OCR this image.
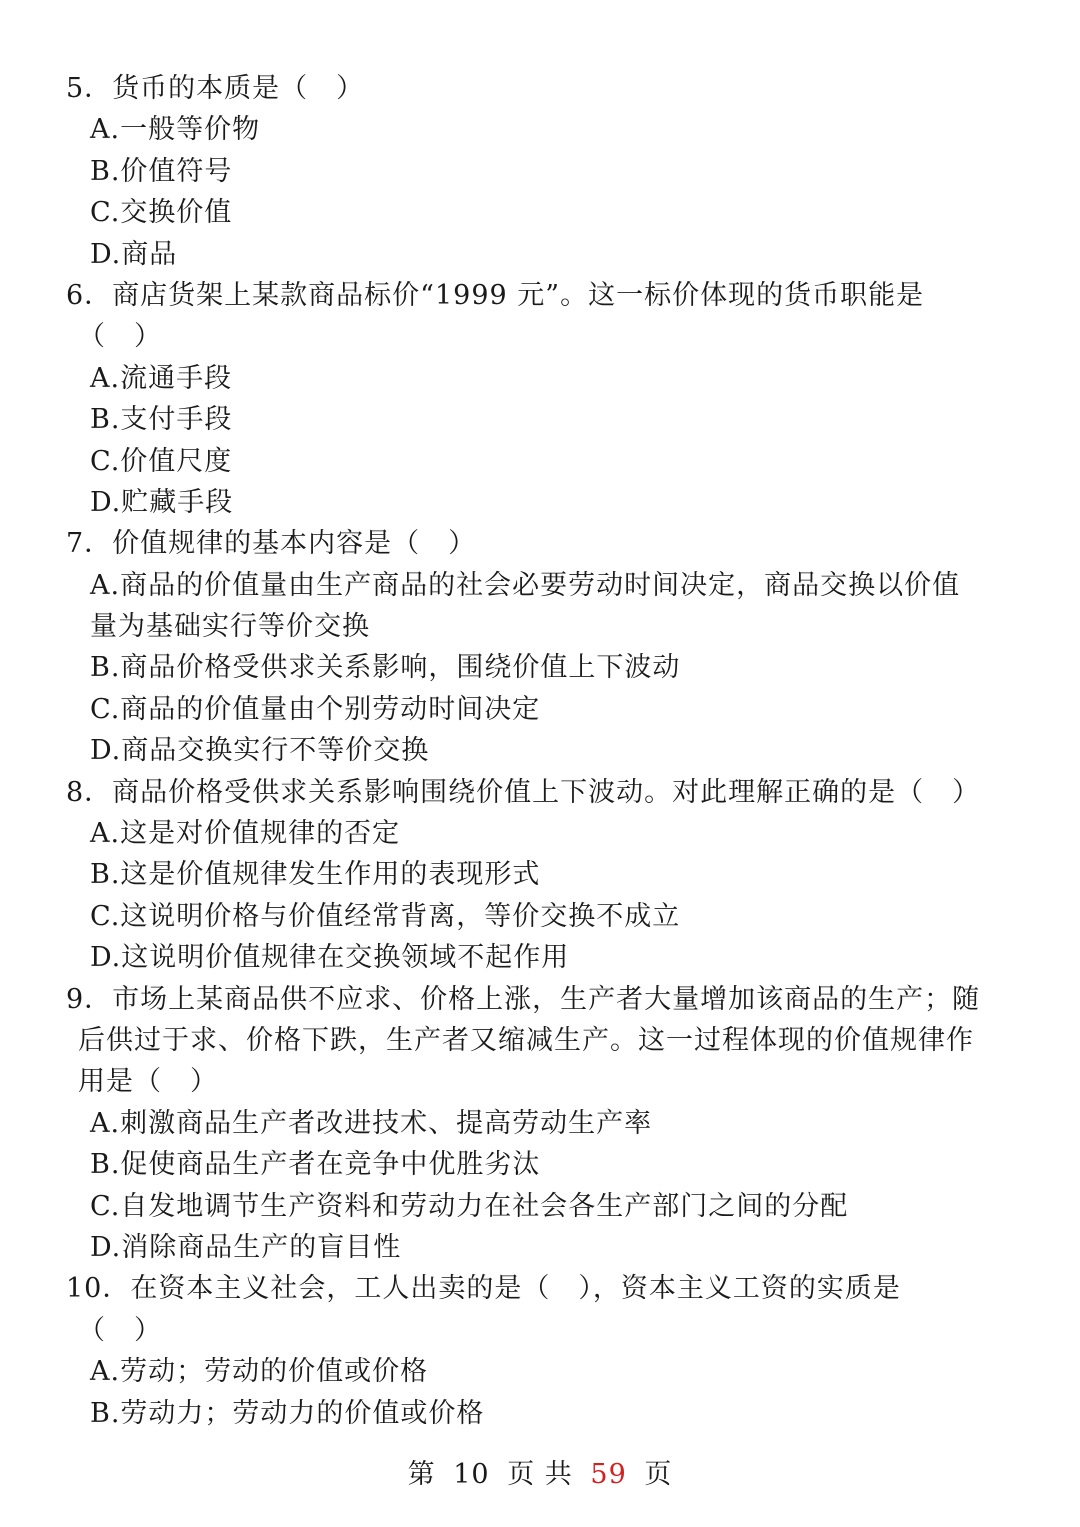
5．货币的本质是（　）
A.一般等价物
B.价值符号
C.交换价值
D.商品
6．商店货架上某款商品标价“1999 元”。这一标价体现的货币职能是
（　）
A.流通手段
B.支付手段
C.价值尺度
D.贮藏手段
7．价值规律的基本内容是（　）
A.商品的价值量由生产商品的社会必要劳动时间决定，商品交换以价值
量为基础实行等价交换
B.商品价格受供求关系影响，围绕价值上下波动
C.商品的价值量由个别劳动时间决定
D.商品交换实行不等价交换
8．商品价格受供求关系影响围绕价值上下波动。对此理解正确的是（　）
A.这是对价值规律的否定
B.这是价值规律发生作用的表现形式
C.这说明价格与价值经常背离，等价交换不成立
D.这说明价值规律在交换领域不起作用
9．市场上某商品供不应求、价格上涨，生产者大量增加该商品的生产；随
后供过于求、价格下跌，生产者又缩减生产。这一过程体现的价值规律作
用是（　）
A.刺激商品生产者改进技术、提高劳动生产率
B.促使商品生产者在竞争中优胜劣汰
C.自发地调节生产资料和劳动力在社会各生产部门之间的分配
D.消除商品生产的盲目性
10．在资本主义社会，工人出卖的是（　），资本主义工资的实质是
（　）
A.劳动；劳动的价值或价格
B.劳动力；劳动力的价值或价格
第 10 页 共 59 页
